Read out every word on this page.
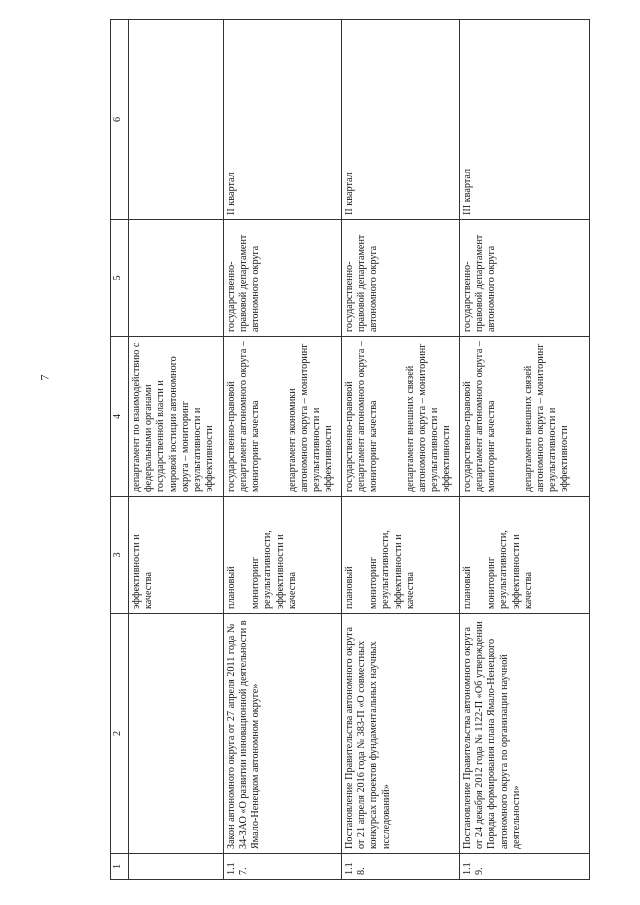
7
1	2	3	4	5	6
		эффективности и качества	департамент по взаимодействию с федеральными органами государственной власти и мировой юстиции автономного округа – мониторинг результативности и эффективности		
1.17.	Закон автономного округа от 27 апреля 2011 года № 34-ЗАО «О развитии инновационной деятельности в Ямало-Ненецком автономном округе»	плановый мониторинг результативности, эффективности и качества	государственно-правовой департамент автономного округа – мониторинг качества департамент экономики автономного округа – мониторинг результативности и эффективности	государственно-правовой департамент автономного округа	II квартал
1.18.	Постановление Правительства автономного округа от 21 апреля 2016 года № 383-П «О совместных конкурсах проектов фундаментальных научных исследований»	плановый мониторинг результативности, эффективности и качества	государственно-правовой департамент автономного округа – мониторинг качества департамент внешних связей автономного округа – мониторинг результативности и эффективности	государственно-правовой департамент автономного округа	II квартал
1.19.	Постановление Правительства автономного округа от 24 декабря 2012 года № 1122-П «Об утверждении Порядка формирования плана Ямало-Ненецкого автономного округа по организации научной деятельности»	плановый мониторинг результативности, эффективности и качества	государственно-правовой департамент автономного округа – мониторинг качества департамент внешних связей автономного округа – мониторинг результативности и эффективности	государственно-правовой департамент автономного округа	III квартал
